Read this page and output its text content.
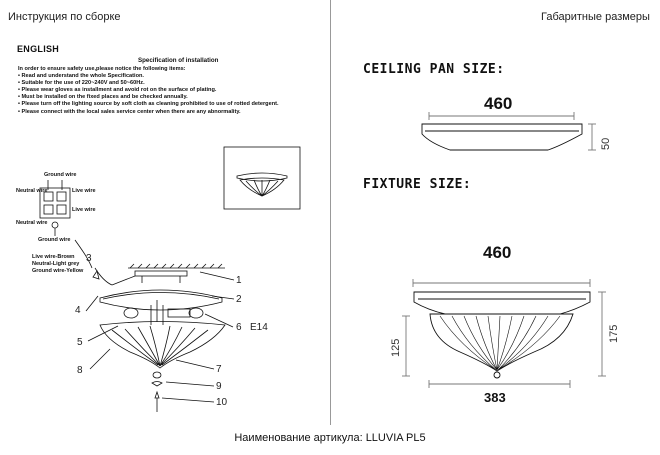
Инструкция по сборке	Габаритные размеры
ENGLISH
Specification of installation
In order to ensure safety use,please notice the following items:
• Read and understand the whole Specification.
• Suitable for the use of 220~240V and 50~60Hz.
• Please wear gloves as installment and avoid rot on the surface of plating.
• Must be installed on the fixed places and be checked annually.
• Please turn off the lighting source by soft cloth as cleaning prohibited to use of rotted detergent.
• Please connect with the local sales service center when there are any abnormality.
Ground wire
Neutral wire	Live wire
Neutral wire
Live wire
Ground wire
Live wire-Brown
Neutral-Light grey
Ground wire-Yellow
1
2
3
4
5
6 E14
7
8
9
10
CEILING PAN SIZE:
460
50
FIXTURE SIZE:
460
175
125
383
Наименование артикула: LLUVIA PL5
